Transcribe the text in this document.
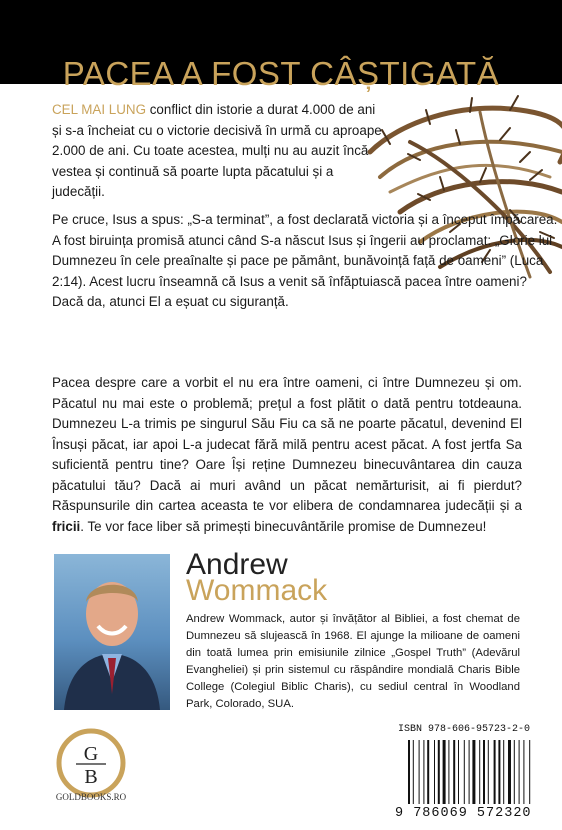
PACEA A FOST CÂȘTIGATĂ

CEL MAI LUNG conflict din istorie a durat 4.000 de ani și s-a încheiat cu o victorie decisivă în urmă cu aproape 2.000 de ani. Cu toate acestea, mulți nu au auzit încă vestea și continuă să poarte lupta păcatului și a judecății.

Pe cruce, Isus a spus: „S-a terminat”, a fost declarată victoria și a început împăcarea. A fost biruința promisă atunci când S-a născut Isus și îngerii au proclamat: „Glorie lui Dumnezeu în cele preaînalte și pace pe pământ, bunăvoință față de oameni” (Luca 2:14). Acest lucru înseamnă că Isus a venit să înfăptuiască pacea între oameni? Dacă da, atunci El a eșuat cu siguranță.

Pacea despre care a vorbit el nu era între oameni, ci între Dumnezeu și om. Păcatul nu mai este o problemă; prețul a fost plătit o dată pentru totdeauna. Dumnezeu L-a trimis pe singurul Său Fiu ca să ne poarte păcatul, devenind El Însuși păcat, iar apoi L-a judecat fără milă pentru acest păcat. A fost jertfa Sa suficientă pentru tine? Oare Își reține Dumnezeu binecuvântarea din cauza păcatului tău? Dacă ai muri având un păcat nemărturisit, ai fi pierdut? Răspunsurile din cartea aceasta te vor elibera de condamnarea judecății și a fricii. Te vor face liber să primești binecuvântările promise de Dumnezeu!

Andrew
Wommack

Andrew Wommack, autor și învățător al Bibliei, a fost chemat de Dumnezeu să slujească în 1968. El ajunge la milioane de oameni din toată lumea prin emisiunile zilnice „Gospel Truth” (Adevărul Evangheliei) și prin sistemul cu răspândire mondială Charis Bible College (Colegiul Biblic Charis), cu sediul central în Woodland Park, Colorado, SUA.

G
B
GOLDBOOKS.RO
ISBN 978-606-95723-2-0
9 786069 572320
